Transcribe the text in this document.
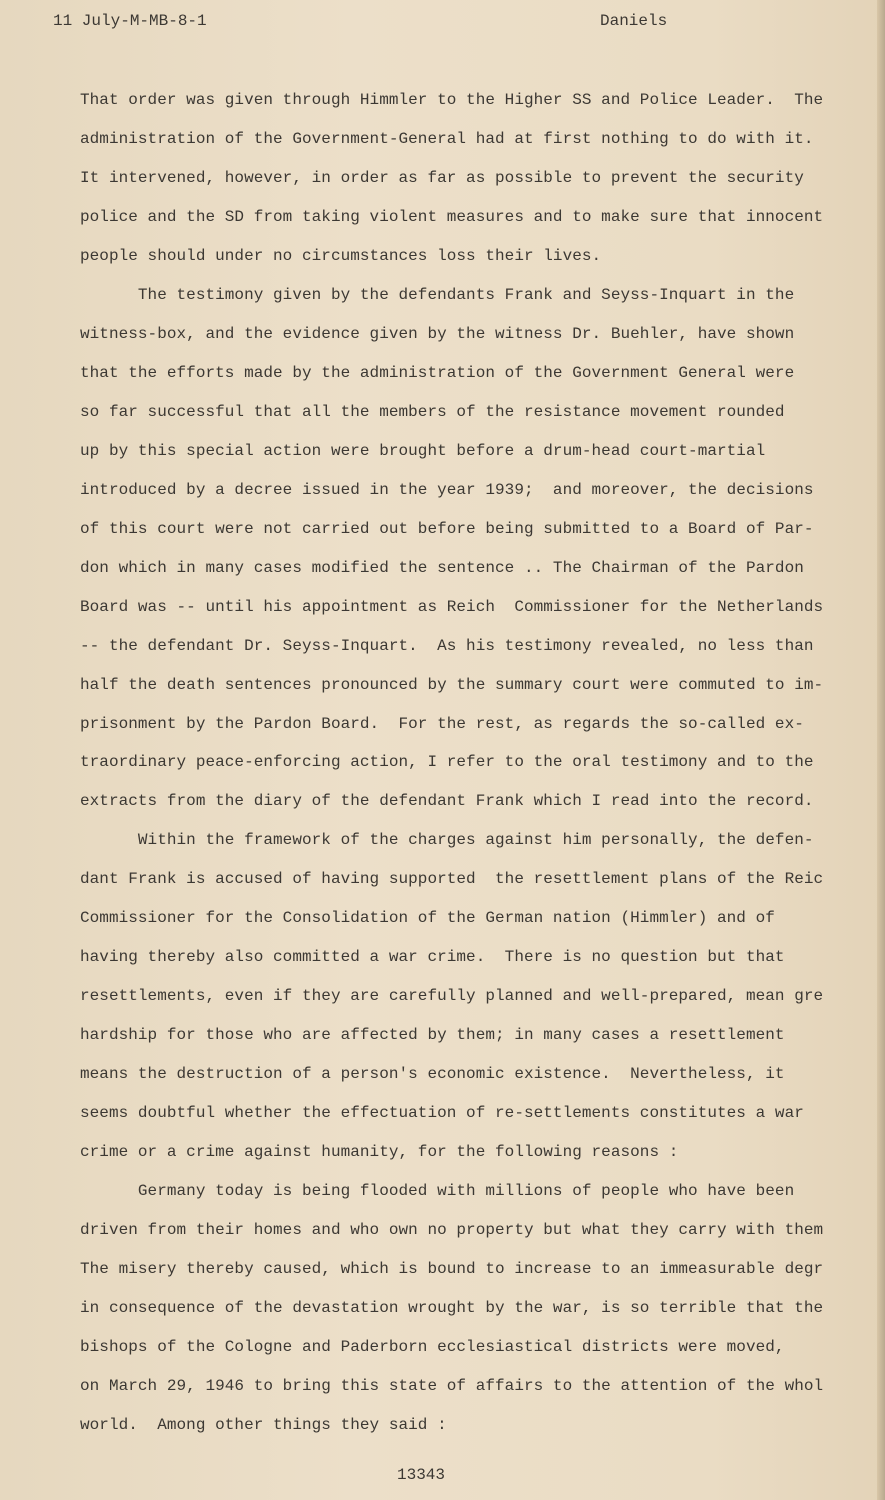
11 July-M-MB-8-1	Daniels
That order was given through Himmler to the Higher SS and Police Leader.  The
administration of the Government-General had at first nothing to do with it.
It intervened, however, in order as far as possible to prevent the security
police and the SD from taking violent measures and to make sure that innocent
people should under no circumstances loss their lives.
The testimony given by the defendants Frank and Seyss-Inquart in the
witness-box, and the evidence given by the witness Dr. Buehler, have shown
that the efforts made by the administration of the Government General were
so far successful that all the members of the resistance movement rounded
up by this special action were brought before a drum-head court-martial
introduced by a decree issued in the year 1939;  and moreover, the decisions
of this court were not carried out before being submitted to a Board of Par-
don which in many cases modified the sentence .. The Chairman of the Pardon
Board was -- until his appointment as Reich  Commissioner for the Netherlands
-- the defendant Dr. Seyss-Inquart.  As his testimony revealed, no less than
half the death sentences pronounced by the summary court were commuted to im-
prisonment by the Pardon Board.  For the rest, as regards the so-called ex-
traordinary peace-enforcing action, I refer to the oral testimony and to the
extracts from the diary of the defendant Frank which I read into the record.
Within the framework of the charges against him personally, the defen-
dant Frank is accused of having supported  the resettlement plans of the Reic
Commissioner for the Consolidation of the German nation (Himmler) and of
having thereby also committed a war crime.  There is no question but that
resettlements, even if they are carefully planned and well-prepared, mean gre
hardship for those who are affected by them; in many cases a resettlement
means the destruction of a person's economic existence.  Nevertheless, it
seems doubtful whether the effectuation of re-settlements constitutes a war
crime or a crime against humanity, for the following reasons :
Germany today is being flooded with millions of people who have been
driven from their homes and who own no property but what they carry with them
The misery thereby caused, which is bound to increase to an immeasurable degr
in consequence of the devastation wrought by the war, is so terrible that the
bishops of the Cologne and Paderborn ecclesiastical districts were moved,
on March 29, 1946 to bring this state of affairs to the attention of the whol
world.  Among other things they said :
13343
